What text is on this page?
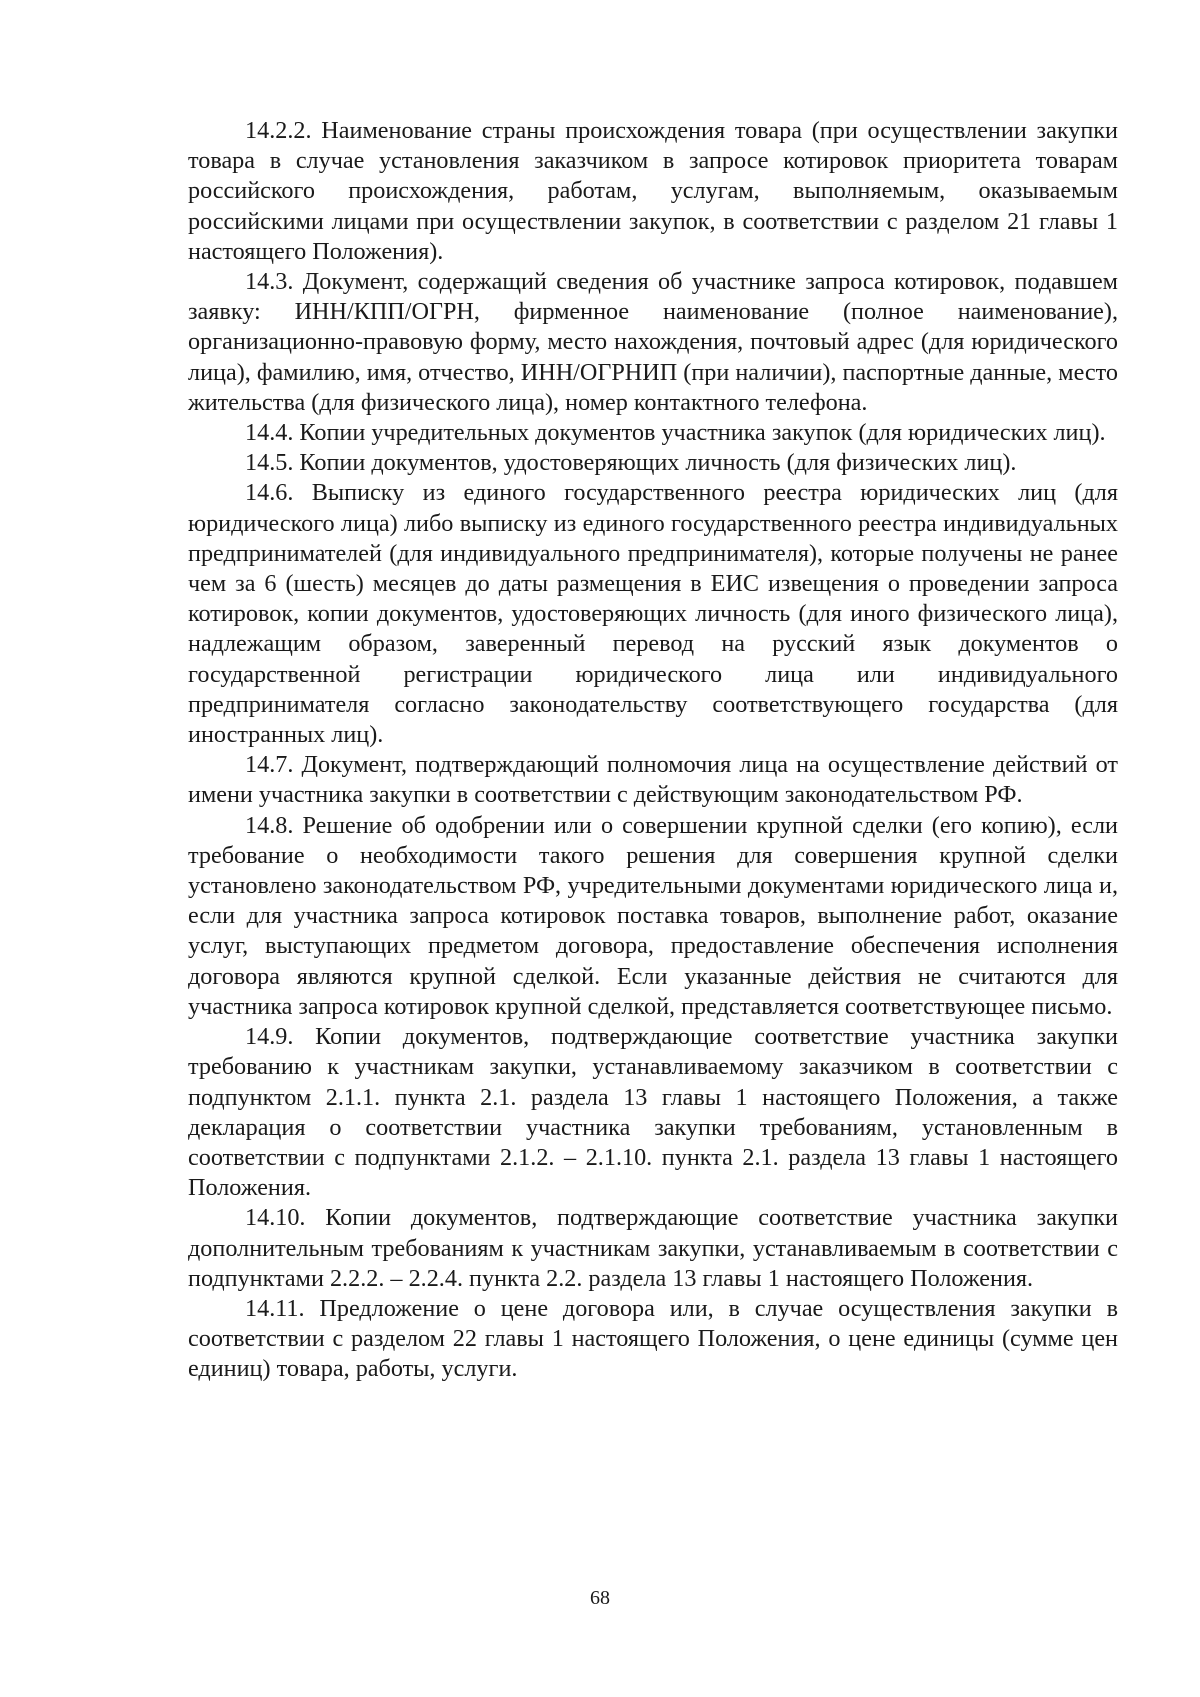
14.2.2. Наименование страны происхождения товара (при осуществлении закупки товара в случае установления заказчиком в запросе котировок приоритета товарам российского происхождения, работам, услугам, выполняемым, оказываемым российскими лицами при осуществлении закупок, в соответствии с разделом 21 главы 1 настоящего Положения).

14.3. Документ, содержащий сведения об участнике запроса котировок, подавшем заявку: ИНН/КПП/ОГРН, фирменное наименование (полное наименование), организационно-правовую форму, место нахождения, почтовый адрес (для юридического лица), фамилию, имя, отчество, ИНН/ОГРНИП (при наличии), паспортные данные, место жительства (для физического лица), номер контактного телефона.

14.4. Копии учредительных документов участника закупок (для юридических лиц).

14.5. Копии документов, удостоверяющих личность (для физических лиц).

14.6. Выписку из единого государственного реестра юридических лиц (для юридического лица) либо выписку из единого государственного реестра индивидуальных предпринимателей (для индивидуального предпринимателя), которые получены не ранее чем за 6 (шесть) месяцев до даты размещения в ЕИС извещения о проведении запроса котировок, копии документов, удостоверяющих личность (для иного физического лица), надлежащим образом, заверенный перевод на русский язык документов о государственной регистрации юридического лица или индивидуального предпринимателя согласно законодательству соответствующего государства (для иностранных лиц).

14.7. Документ, подтверждающий полномочия лица на осуществление действий от имени участника закупки в соответствии с действующим законодательством РФ.

14.8. Решение об одобрении или о совершении крупной сделки (его копию), если требование о необходимости такого решения для совершения крупной сделки установлено законодательством РФ, учредительными документами юридического лица и, если для участника запроса котировок поставка товаров, выполнение работ, оказание услуг, выступающих предметом договора, предоставление обеспечения исполнения договора являются крупной сделкой. Если указанные действия не считаются для участника запроса котировок крупной сделкой, представляется соответствующее письмо.

14.9. Копии документов, подтверждающие соответствие участника закупки требованию к участникам закупки, устанавливаемому заказчиком в соответствии с подпунктом 2.1.1. пункта 2.1. раздела 13 главы 1 настоящего Положения, а также декларация о соответствии участника закупки требованиям, установленным в соответствии с подпунктами 2.1.2. – 2.1.10. пункта 2.1. раздела 13 главы 1 настоящего Положения.

14.10. Копии документов, подтверждающие соответствие участника закупки дополнительным требованиям к участникам закупки, устанавливаемым в соответствии с подпунктами 2.2.2. – 2.2.4. пункта 2.2. раздела 13 главы 1 настоящего Положения.

14.11. Предложение о цене договора или, в случае осуществления закупки в соответствии с разделом 22 главы 1 настоящего Положения, о цене единицы (сумме цен единиц) товара, работы, услуги.

68
